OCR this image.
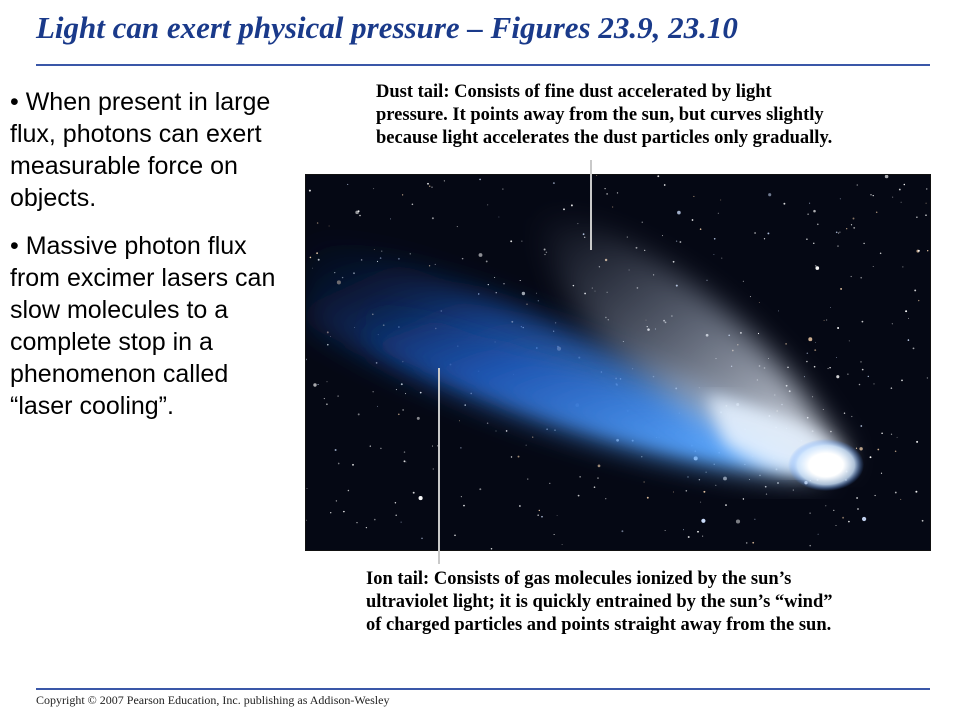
Light can exert physical pressure – Figures 23.9, 23.10
• When present in large flux, photons can exert measurable force on objects.
• Massive photon flux from excimer lasers can slow molecules to a complete stop in a phenomenon called “laser cooling”.
Dust tail: Consists of fine dust accelerated by light
pressure. It points away from the sun, but curves slightly
because light accelerates the dust particles only gradually.
Ion tail: Consists of gas molecules ionized by the sun’s
ultraviolet light; it is quickly entrained by the sun’s “wind”
of charged particles and points straight away from the sun.
Copyright © 2007 Pearson Education, Inc. publishing as Addison-Wesley
